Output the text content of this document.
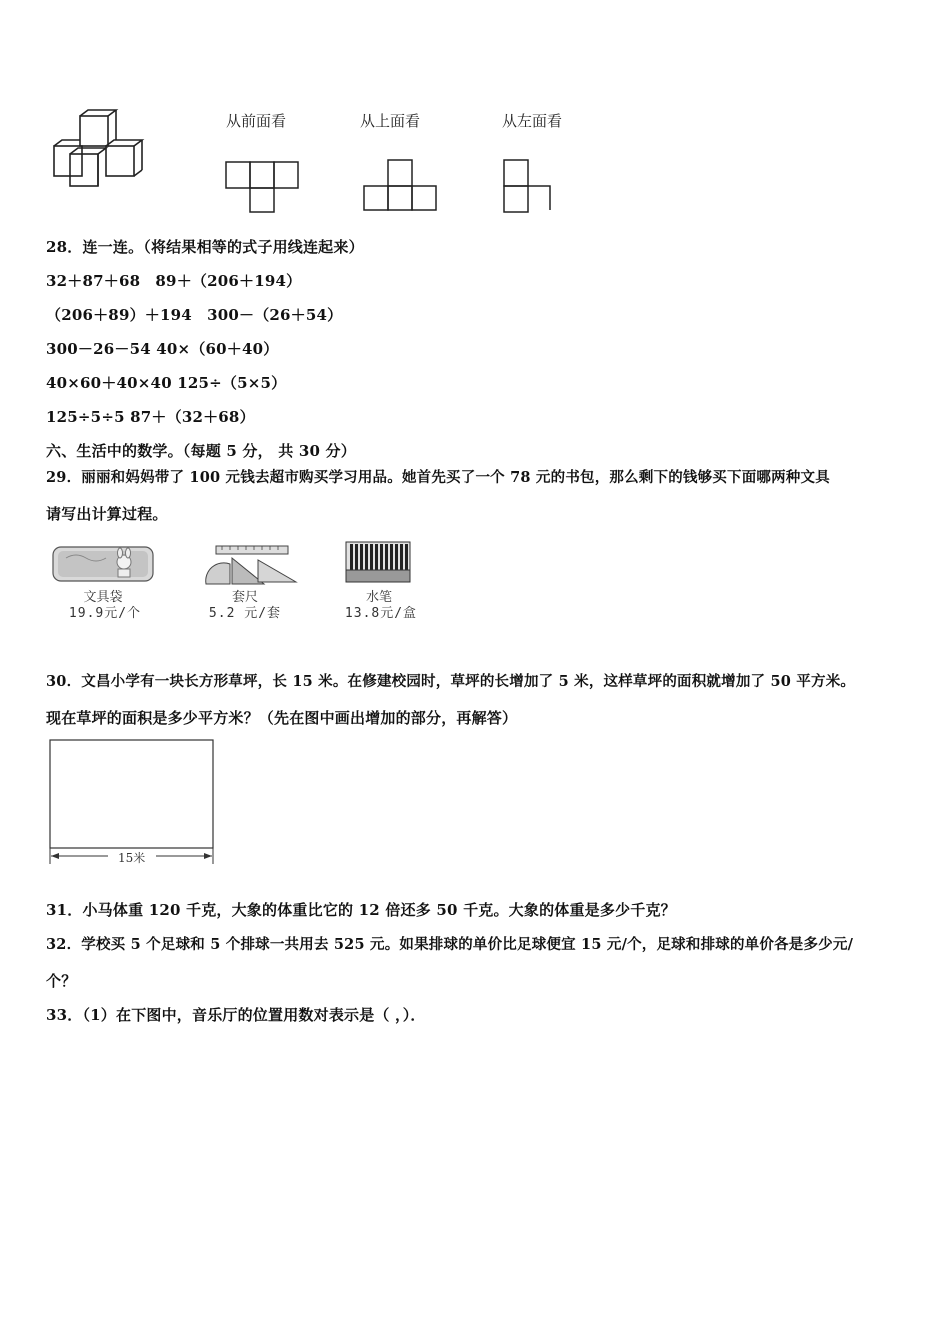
从前面看	从上面看	从左面看
28．连一连。（将结果相等的式子用线连起来）
32＋87＋68　89＋（206＋194）
（206＋89）＋194　300－（26＋54）
300－26－54 40×（60＋40）
40×60＋40×40 125÷（5×5）
125÷5÷5 87＋（32＋68）
六、生活中的数学。（每题 5 分， 共 30 分）
29．丽丽和妈妈带了 100 元钱去超市购买学习用品。她首先买了一个 78 元的书包，那么剩下的钱够买下面哪两种文具
请写出计算过程。
文具袋
19.9元/个
套尺
5.2 元/套
水笔
13.8元/盒
30．文昌小学有一块长方形草坪，长 15 米。在修建校园时，草坪的长增加了 5 米，这样草坪的面积就增加了 50 平方米。
现在草坪的面积是多少平方米？（先在图中画出增加的部分，再解答）
15米
31．小马体重 120 千克，大象的体重比它的 12 倍还多 50 千克。大象的体重是多少千克？
32．学校买 5 个足球和 5 个排球一共用去 525 元。如果排球的单价比足球便宜 15 元/个，足球和排球的单价各是多少元/
个？
33．（1）在下图中，音乐厅的位置用数对表示是（ ，）．
